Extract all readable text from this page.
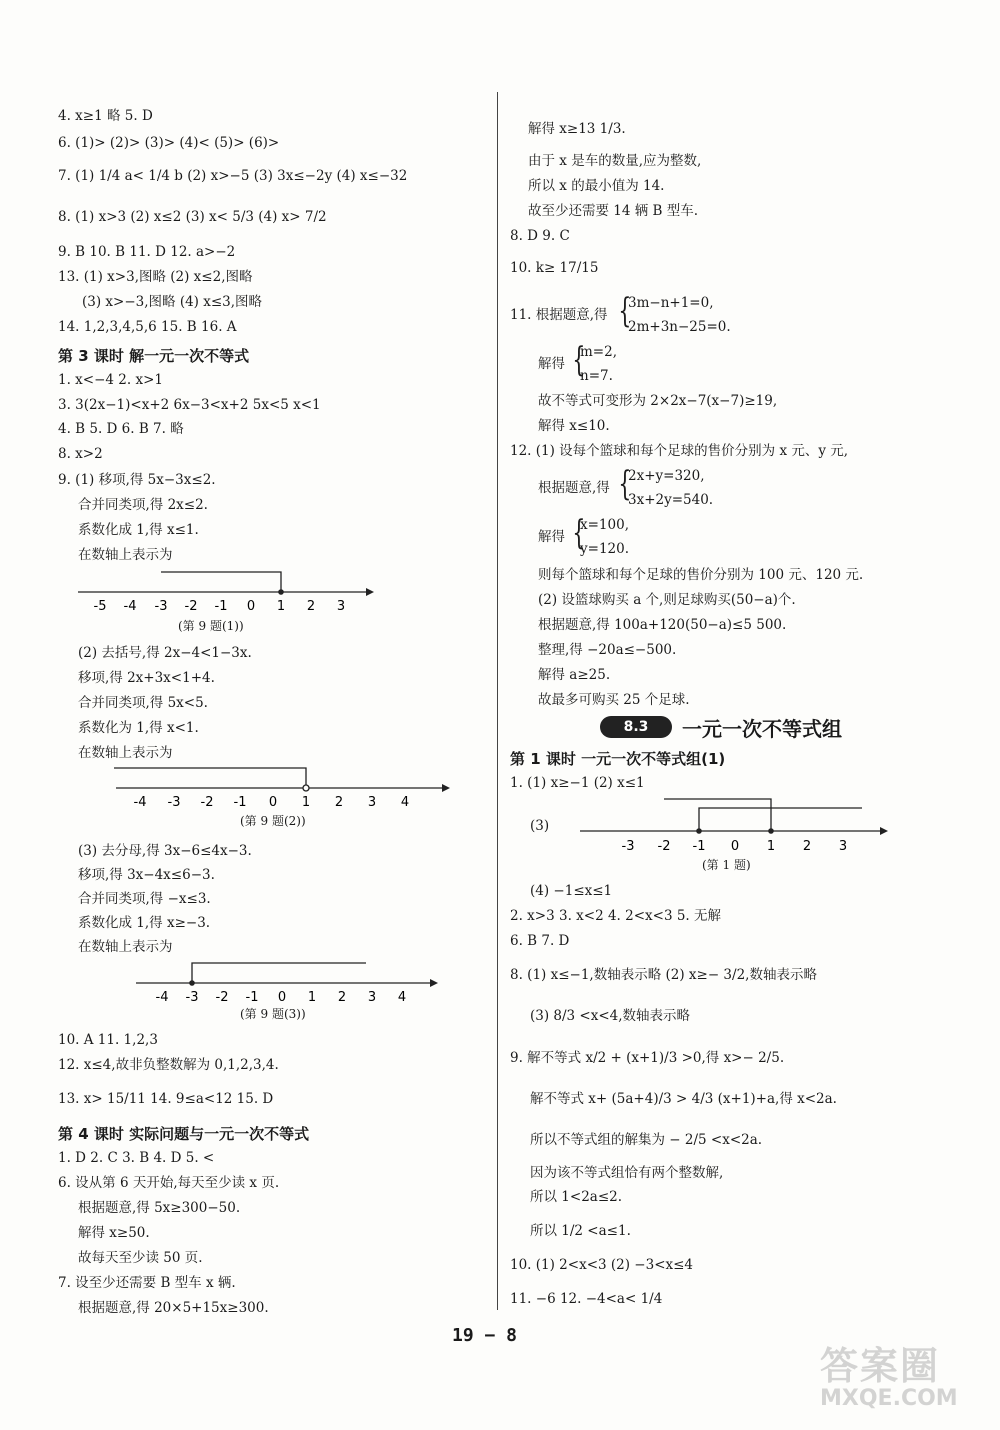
4. x≥1 略 5. D
6. (1)> (2)> (3)> (4)< (5)> (6)>
7. (1) 1/4 a< 1/4 b (2) x>−5 (3) 3x≤−2y (4) x≤−32
8. (1) x>3 (2) x≤2 (3) x< 5/3 (4) x> 7/2
9. B 10. B 11. D 12. a>−2
13. (1) x>3,图略 (2) x≤2,图略
(3) x>−3,图略 (4) x≤3,图略
14. 1,2,3,4,5,6 15. B 16. A
第 3 课时 解一元一次不等式
1. x<−4 2. x>1
3. 3(2x−1)<x+2 6x−3<x+2 5x<5 x<1
4. B 5. D 6. B 7. 略
8. x>2
9. (1) 移项,得 5x−3x≤2.
合并同类项,得 2x≤2.
系数化成 1,得 x≤1.
在数轴上表示为
-5 -4 -3 -2 -1 0 1 2 3
(第 9 题(1))
(2) 去括号,得 2x−4<1−3x.
移项,得 2x+3x<1+4.
合并同类项,得 5x<5.
系数化为 1,得 x<1.
在数轴上表示为
-4 -3 -2 -1 0 1 2 3 4
(第 9 题(2))
(3) 去分母,得 3x−6≤4x−3.
移项,得 3x−4x≤6−3.
合并同类项,得 −x≤3.
系数化成 1,得 x≥−3.
在数轴上表示为
-4 -3 -2 -1 0 1 2 3 4
(第 9 题(3))
10. A 11. 1,2,3
12. x≤4,故非负整数解为 0,1,2,3,4.
13. x> 15/11 14. 9≤a<12 15. D
第 4 课时 实际问题与一元一次不等式
1. D 2. C 3. B 4. D 5. <
6. 设从第 6 天开始,每天至少读 x 页.
根据题意,得 5x≥300−50.
解得 x≥50.
故每天至少读 50 页.
7. 设至少还需要 B 型车 x 辆.
根据题意,得 20×5+15x≥300.
解得 x≥13 1/3.
由于 x 是车的数量,应为整数,
所以 x 的最小值为 14.
故至少还需要 14 辆 B 型车.
8. D 9. C
10. k≥ 17/15
11. 根据题意,得 {
3m−n+1=0,
2m+3n−25=0.
解得 {
m=2,
n=7.
故不等式可变形为 2×2x−7(x−7)≥19,
解得 x≤10.
12. (1) 设每个篮球和每个足球的售价分别为 x 元、y 元,
根据题意,得 {
2x+y=320,
3x+2y=540.
解得 {
x=100,
y=120.
则每个篮球和每个足球的售价分别为 100 元、120 元.
(2) 设篮球购买 a 个,则足球购买(50−a)个.
根据题意,得 100a+120(50−a)≤5 500.
整理,得 −20a≤−500.
解得 a≥25.
故最多可购买 25 个足球.
8.3	一元一次不等式组
第 1 课时 一元一次不等式组(1)
1. (1) x≥−1 (2) x≤1
(3)
-3 -2 -1 0 1 2 3
(第 1 题)
(4) −1≤x≤1
2. x>3 3. x<2 4. 2<x<3 5. 无解
6. B 7. D
8. (1) x≤−1,数轴表示略 (2) x≥− 3/2,数轴表示略
(3) 8/3 <x<4,数轴表示略
9. 解不等式 x/2 + (x+1)/3 >0,得 x>− 2/5.
解不等式 x+ (5a+4)/3 > 4/3 (x+1)+a,得 x<2a.
所以不等式组的解集为 − 2/5 <x<2a.
因为该不等式组恰有两个整数解,
所以 1<2a≤2.
所以 1/2 <a≤1.
10. (1) 2<x<3 (2) −3<x≤4
11. −6 12. −4<a< 1/4
19 − 8
答案圈
MXQE.COM
